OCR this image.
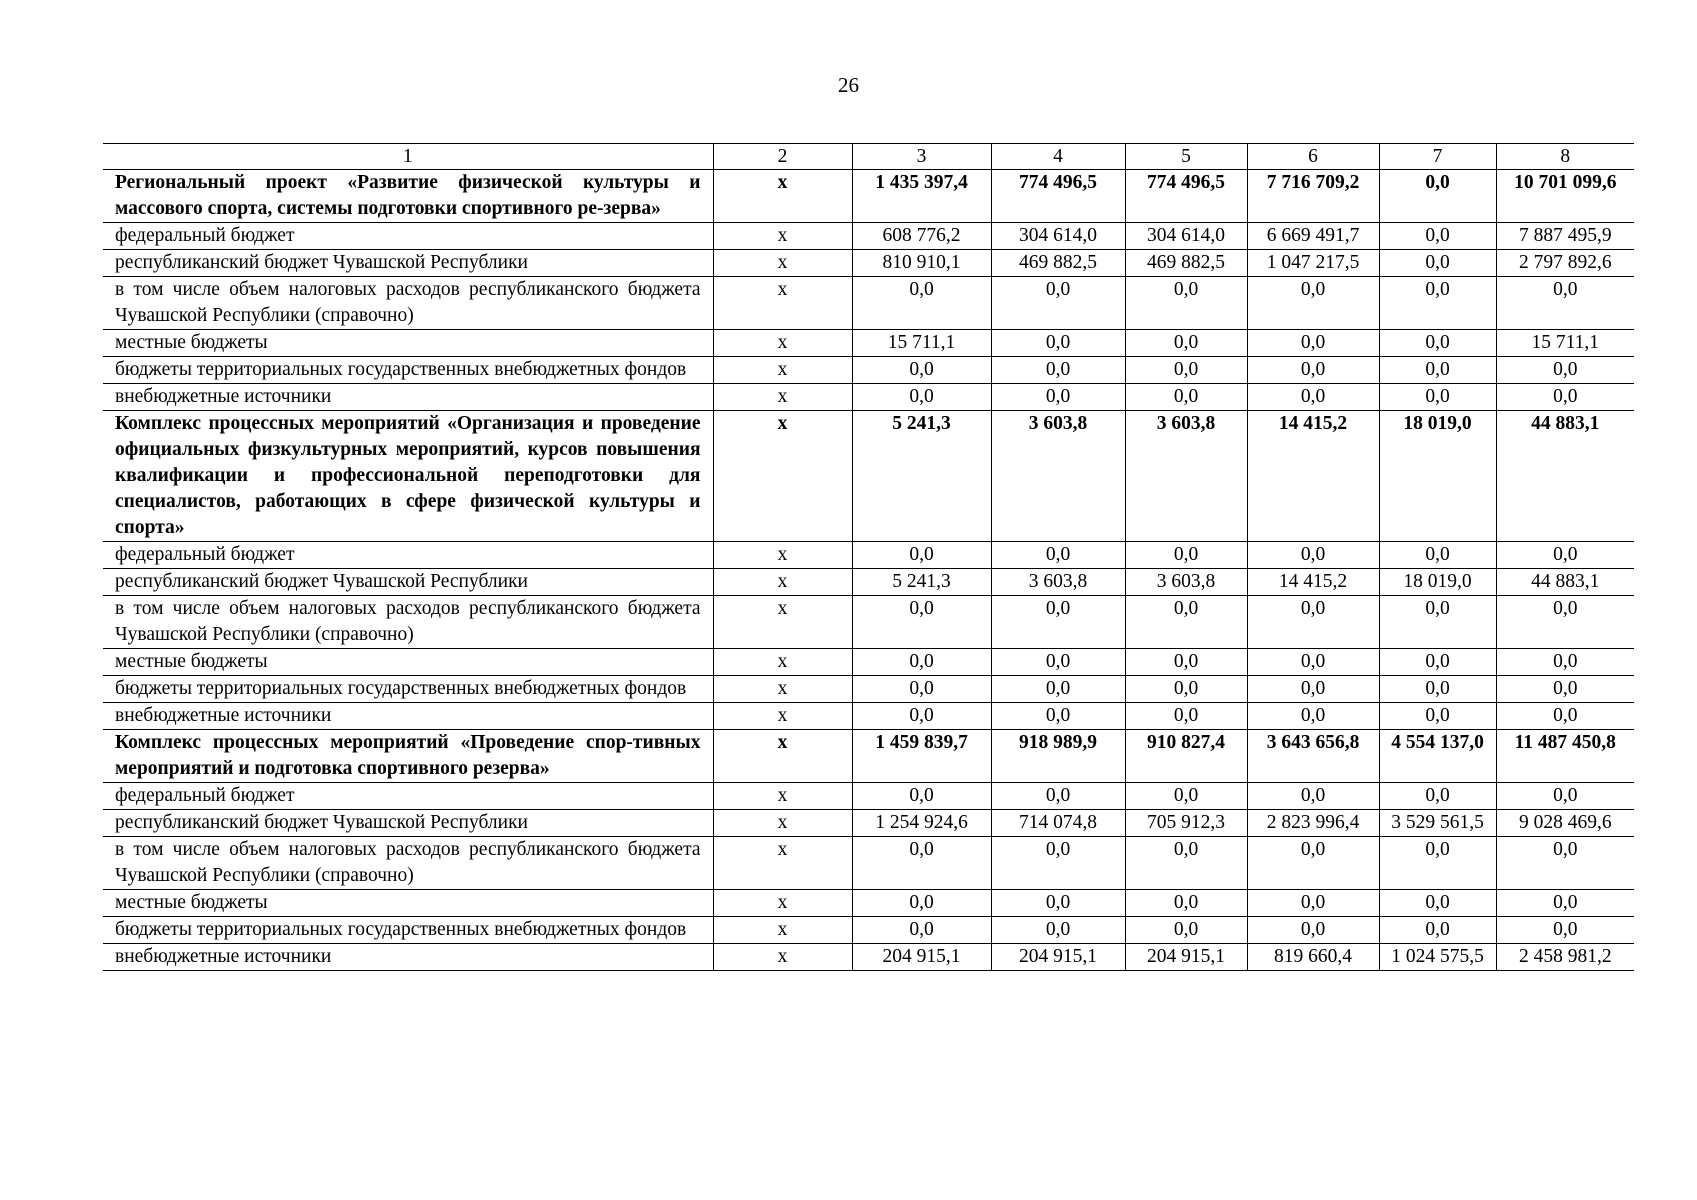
26
1	2	3	4	5	6	7	8
Региональный проект «Развитие физической культуры и массового спорта, системы подготовки спортивного ре-зерва»	х	1 435 397,4	774 496,5	774 496,5	7 716 709,2	0,0	10 701 099,6
федеральный бюджет	х	608 776,2	304 614,0	304 614,0	6 669 491,7	0,0	7 887 495,9
республиканский бюджет Чувашской Республики	х	810 910,1	469 882,5	469 882,5	1 047 217,5	0,0	2 797 892,6
в том числе объем налоговых расходов республиканского бюджета Чувашской Республики (справочно)	х	0,0	0,0	0,0	0,0	0,0	0,0
местные бюджеты	х	15 711,1	0,0	0,0	0,0	0,0	15 711,1
бюджеты территориальных государственных внебюджетных фондов	х	0,0	0,0	0,0	0,0	0,0	0,0
внебюджетные источники	х	0,0	0,0	0,0	0,0	0,0	0,0
Комплекс процессных мероприятий «Организация и проведение официальных физкультурных мероприятий, курсов повышения квалификации и профессиональной переподготовки для специалистов, работающих в сфере физической культуры и спорта»	х	5 241,3	3 603,8	3 603,8	14 415,2	18 019,0	44 883,1
федеральный бюджет	х	0,0	0,0	0,0	0,0	0,0	0,0
республиканский бюджет Чувашской Республики	х	5 241,3	3 603,8	3 603,8	14 415,2	18 019,0	44 883,1
в том числе объем налоговых расходов республиканского бюджета Чувашской Республики (справочно)	х	0,0	0,0	0,0	0,0	0,0	0,0
местные бюджеты	х	0,0	0,0	0,0	0,0	0,0	0,0
бюджеты территориальных государственных внебюджетных фондов	х	0,0	0,0	0,0	0,0	0,0	0,0
внебюджетные источники	х	0,0	0,0	0,0	0,0	0,0	0,0
Комплекс процессных мероприятий «Проведение спор-тивных мероприятий и подготовка спортивного резерва»	х	1 459 839,7	918 989,9	910 827,4	3 643 656,8	4 554 137,0	11 487 450,8
федеральный бюджет	х	0,0	0,0	0,0	0,0	0,0	0,0
республиканский бюджет Чувашской Республики	х	1 254 924,6	714 074,8	705 912,3	2 823 996,4	3 529 561,5	9 028 469,6
в том числе объем налоговых расходов республиканского бюджета Чувашской Республики (справочно)	х	0,0	0,0	0,0	0,0	0,0	0,0
местные бюджеты	х	0,0	0,0	0,0	0,0	0,0	0,0
бюджеты территориальных государственных внебюджетных фондов	х	0,0	0,0	0,0	0,0	0,0	0,0
внебюджетные источники	х	204 915,1	204 915,1	204 915,1	819 660,4	1 024 575,5	2 458 981,2
